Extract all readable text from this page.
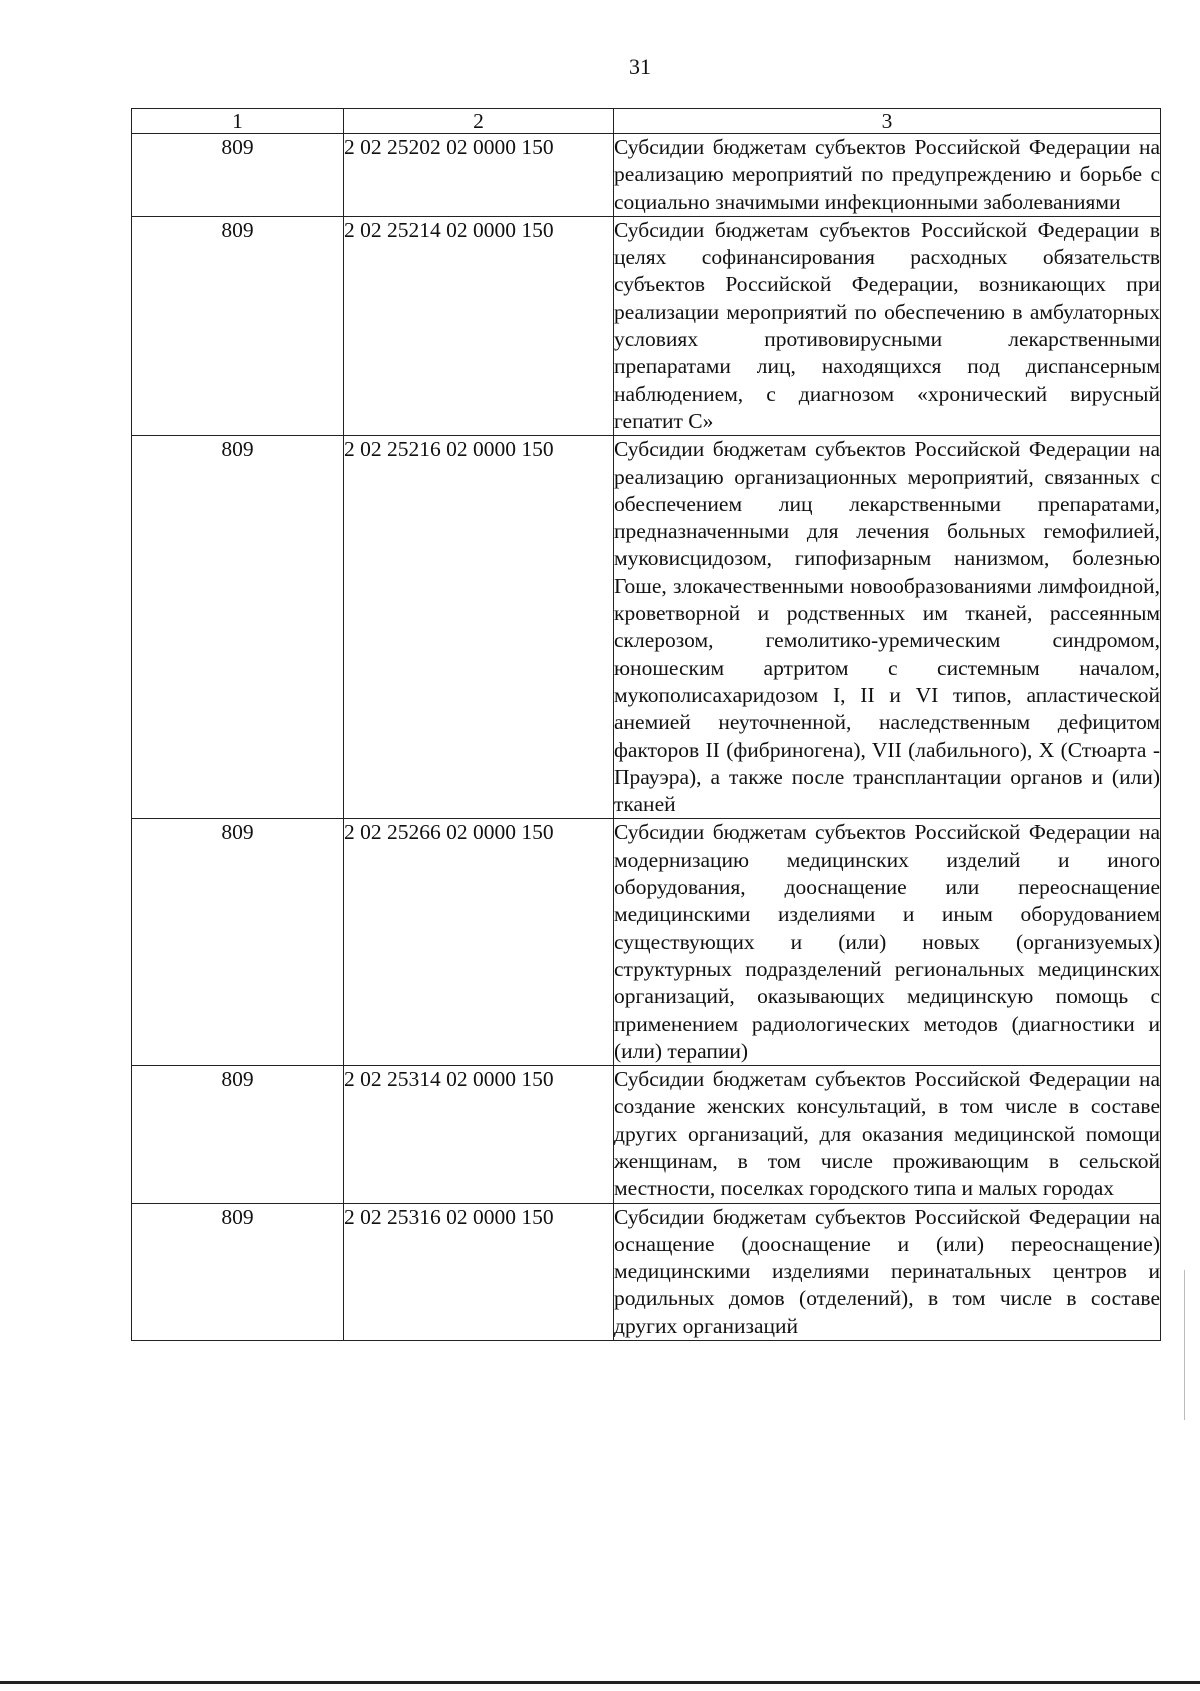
31
1	2	3
809	2 02 25202 02 0000 150	Субсидии бюджетам субъектов Российской Федерации на реализацию мероприятий по предупреждению и борьбе с социально значимыми инфекционными заболеваниями
809	2 02 25214 02 0000 150	Субсидии бюджетам субъектов Российской Федерации в целях софинансирования расходных обязательств субъектов Российской Федерации, возникающих при реализации мероприятий по обеспечению в амбулаторных условиях противовирусными лекарственными препаратами лиц, находящихся под диспансерным наблюдением, с диагнозом «хронический вирусный гепатит С»
809	2 02 25216 02 0000 150	Субсидии бюджетам субъектов Российской Федерации на реализацию организационных мероприятий, связанных с обеспечением лиц лекарственными препаратами, предназначенными для лечения больных гемофилией, муковисцидозом, гипофизарным нанизмом, болезнью Гоше, злокачественными новообразованиями лимфоидной, кроветворной и родственных им тканей, рассеянным склерозом, гемолитико-уремическим синдромом, юношеским артритом с системным началом, мукополисахаридозом I, II и VI типов, апластической анемией неуточненной, наследственным дефицитом факторов II (фибриногена), VII (лабильного), X (Стюарта - Прауэра), а также после трансплантации органов и (или) тканей
809	2 02 25266 02 0000 150	Субсидии бюджетам субъектов Российской Федерации на модернизацию медицинских изделий и иного оборудования, дооснащение или переоснащение медицинскими изделиями и иным оборудованием существующих и (или) новых (организуемых) структурных подразделений региональных медицинских организаций, оказывающих медицинскую помощь с применением радиологических методов (диагностики и (или) терапии)
809	2 02 25314 02 0000 150	Субсидии бюджетам субъектов Российской Федерации на создание женских консультаций, в том числе в составе других организаций, для оказания медицинской помощи женщинам, в том числе проживающим в сельской местности, поселках городского типа и малых городах
809	2 02 25316 02 0000 150	Субсидии бюджетам субъектов Российской Федерации на оснащение (дооснащение и (или) переоснащение) медицинскими изделиями перинатальных центров и родильных домов (отделений), в том числе в составе других организаций
